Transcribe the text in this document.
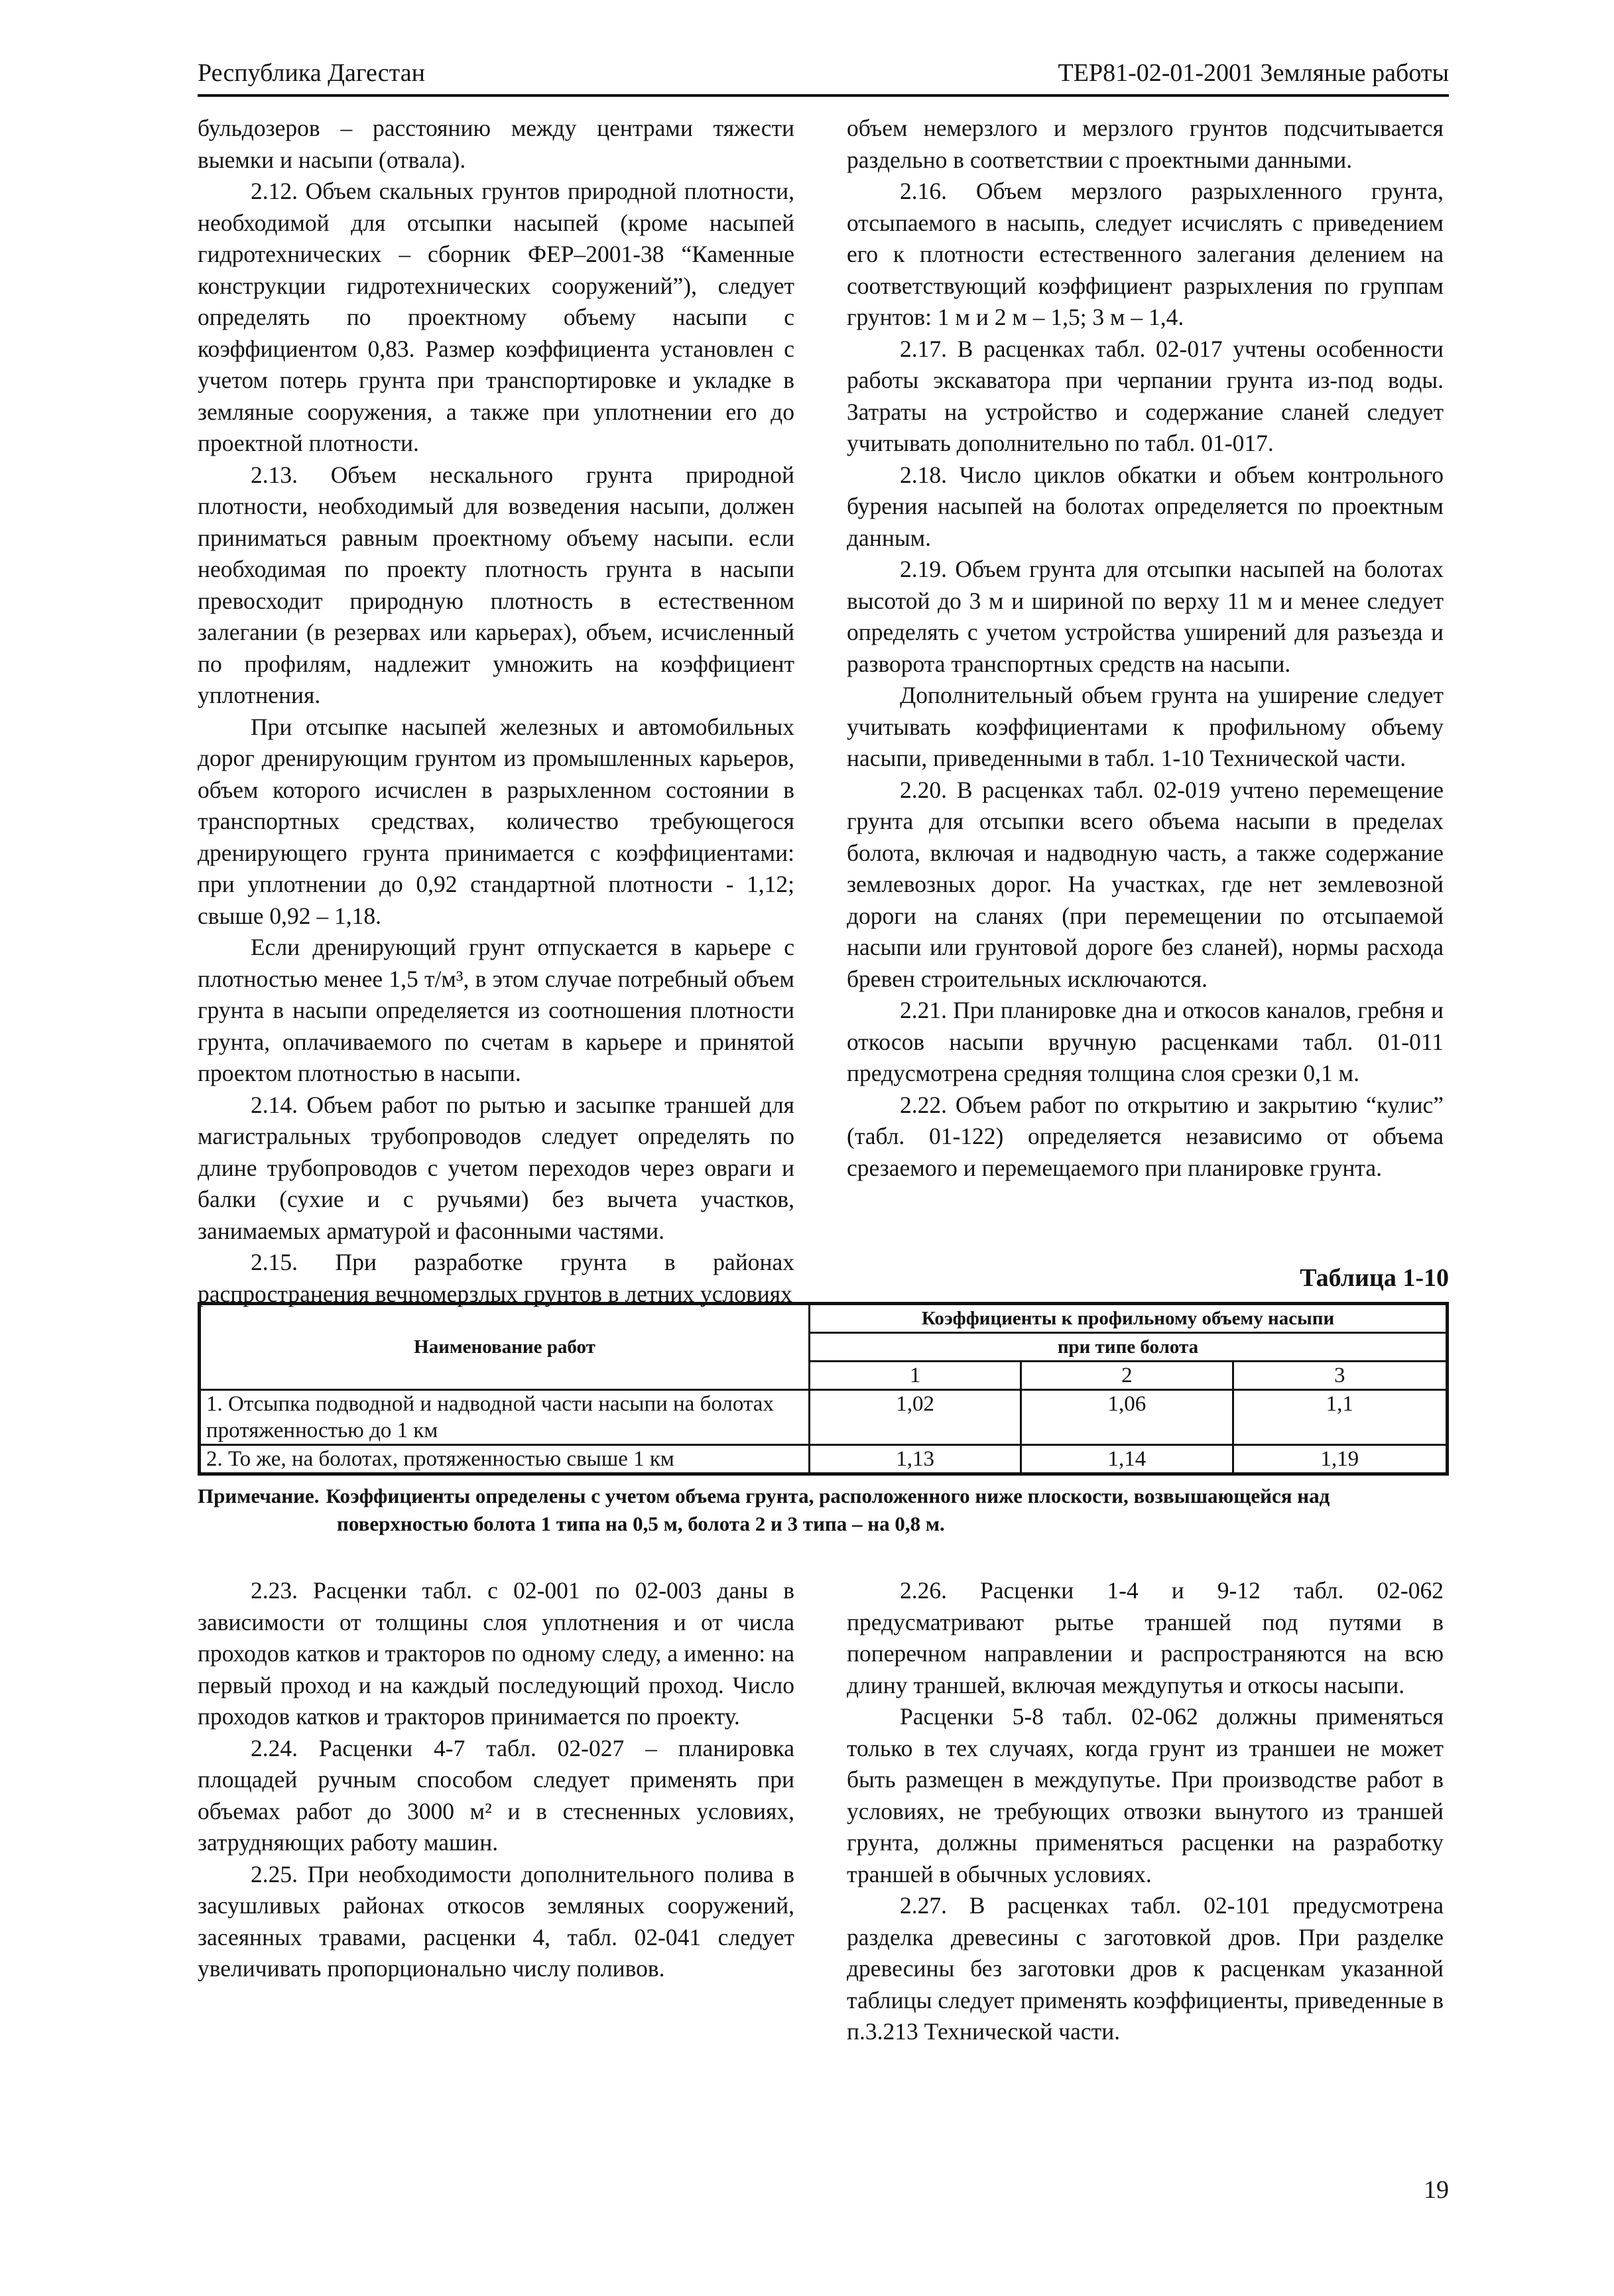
Республика Дагестан	ТЕР81-02-01-2001 Земляные работы

бульдозеров – расстоянию между центрами тяжести выемки и насыпи (отвала).

2.12. Объем скальных грунтов природной плотности, необходимой для отсыпки насыпей (кроме насыпей гидротехнических – сборник ФЕР–2001-38 “Каменные конструкции гидротехнических сооружений”), следует определять по проектному объему насыпи с коэффициентом 0,83. Размер коэффициента установлен с учетом потерь грунта при транспортировке и укладке в земляные сооружения, а также при уплотнении его до проектной плотности.

2.13. Объем нескального грунта природной плотности, необходимый для возведения насыпи, должен приниматься равным проектному объему насыпи. если необходимая по проекту плотность грунта в насыпи превосходит природную плотность в естественном залегании (в резервах или карьерах), объем, исчисленный по профилям, надлежит умножить на коэффициент уплотнения.

При отсыпке насыпей железных и автомобильных дорог дренирующим грунтом из промышленных карьеров, объем которого исчислен в разрыхленном состоянии в транспортных средствах, количество требующегося дренирующего грунта принимается с коэффициентами: при уплотнении до 0,92 стандартной плотности - 1,12; свыше 0,92 – 1,18.

Если дренирующий грунт отпускается в карьере с плотностью менее 1,5 т/м³, в этом случае потребный объем грунта в насыпи определяется из соотношения плотности грунта, оплачиваемого по счетам в карьере и принятой проектом плотностью в насыпи.

2.14. Объем работ по рытью и засыпке траншей для магистральных трубопроводов следует определять по длине трубопроводов с учетом переходов через овраги и балки (сухие и с ручьями) без вычета участков, занимаемых арматурой и фасонными частями.

2.15. При разработке грунта в районах распространения вечномерзлых грунтов в летних условиях

объем немерзлого и мерзлого грунтов подсчитывается раздельно в соответствии с проектными данными.

2.16. Объем мерзлого разрыхленного грунта, отсыпаемого в насыпь, следует исчислять с приведением его к плотности естественного залегания делением на соответствующий коэффициент разрыхления по группам грунтов: 1 м и 2 м – 1,5; 3 м – 1,4.

2.17. В расценках табл. 02-017 учтены особенности работы экскаватора при черпании грунта из-под воды. Затраты на устройство и содержание сланей следует учитывать дополнительно по табл. 01-017.

2.18. Число циклов обкатки и объем контрольного бурения насыпей на болотах определяется по проектным данным.

2.19. Объем грунта для отсыпки насыпей на болотах высотой до 3 м и шириной по верху 11 м и менее следует определять с учетом устройства уширений для разъезда и разворота транспортных средств на насыпи.

Дополнительный объем грунта на уширение следует учитывать коэффициентами к профильному объему насыпи, приведенными в табл. 1-10 Технической части.

2.20. В расценках табл. 02-019 учтено перемещение грунта для отсыпки всего объема насыпи в пределах болота, включая и надводную часть, а также содержание землевозных дорог. На участках, где нет землевозной дороги на сланях (при перемещении по отсыпаемой насыпи или грунтовой дороге без сланей), нормы расхода бревен строительных исключаются.

2.21. При планировке дна и откосов каналов, гребня и откосов насыпи вручную расценками табл. 01-011 предусмотрена средняя толщина слоя срезки 0,1 м.

2.22. Объем работ по открытию и закрытию “кулис” (табл. 01-122) определяется независимо от объема срезаемого и перемещаемого при планировке грунта.

Таблица 1-10
Наименование работ	Коэффициенты к профильному объему насыпи		
	при типе болота		
	1	2	3
1. Отсыпка подводной и надводной части насыпи на болотах протяженностью до 1 км	1,02	1,06	1,1
2. То же, на болотах, протяженностью свыше 1 км	1,13	1,14	1,19
Примечание. Коэффициенты определены с учетом объема грунта, расположенного ниже плоскости, возвышающейся над
поверхностью болота 1 типа на 0,5 м, болота 2 и 3 типа – на 0,8 м.

2.23. Расценки табл. с 02-001 по 02-003 даны в зависимости от толщины слоя уплотнения и от числа проходов катков и тракторов по одному следу, а именно: на первый проход и на каждый последующий проход. Число проходов катков и тракторов принимается по проекту.

2.24. Расценки 4-7 табл. 02-027 – планировка площадей ручным способом следует применять при объемах работ до 3000 м² и в стесненных условиях, затрудняющих работу машин.

2.25. При необходимости дополнительного полива в засушливых районах откосов земляных сооружений, засеянных травами, расценки 4, табл. 02-041 следует увеличивать пропорционально числу поливов.

2.26. Расценки 1-4 и 9-12 табл. 02-062 предусматривают рытье траншей под путями в поперечном направлении и распространяются на всю длину траншей, включая междупутья и откосы насыпи.

Расценки 5-8 табл. 02-062 должны применяться только в тех случаях, когда грунт из траншеи не может быть размещен в междупутье. При производстве работ в условиях, не требующих отвозки вынутого из траншей грунта, должны применяться расценки на разработку траншей в обычных условиях.

2.27. В расценках табл. 02-101 предусмотрена разделка древесины с заготовкой дров. При разделке древесины без заготовки дров к расценкам указанной таблицы следует применять коэффициенты, приведенные в п.3.213 Технической части.

19
